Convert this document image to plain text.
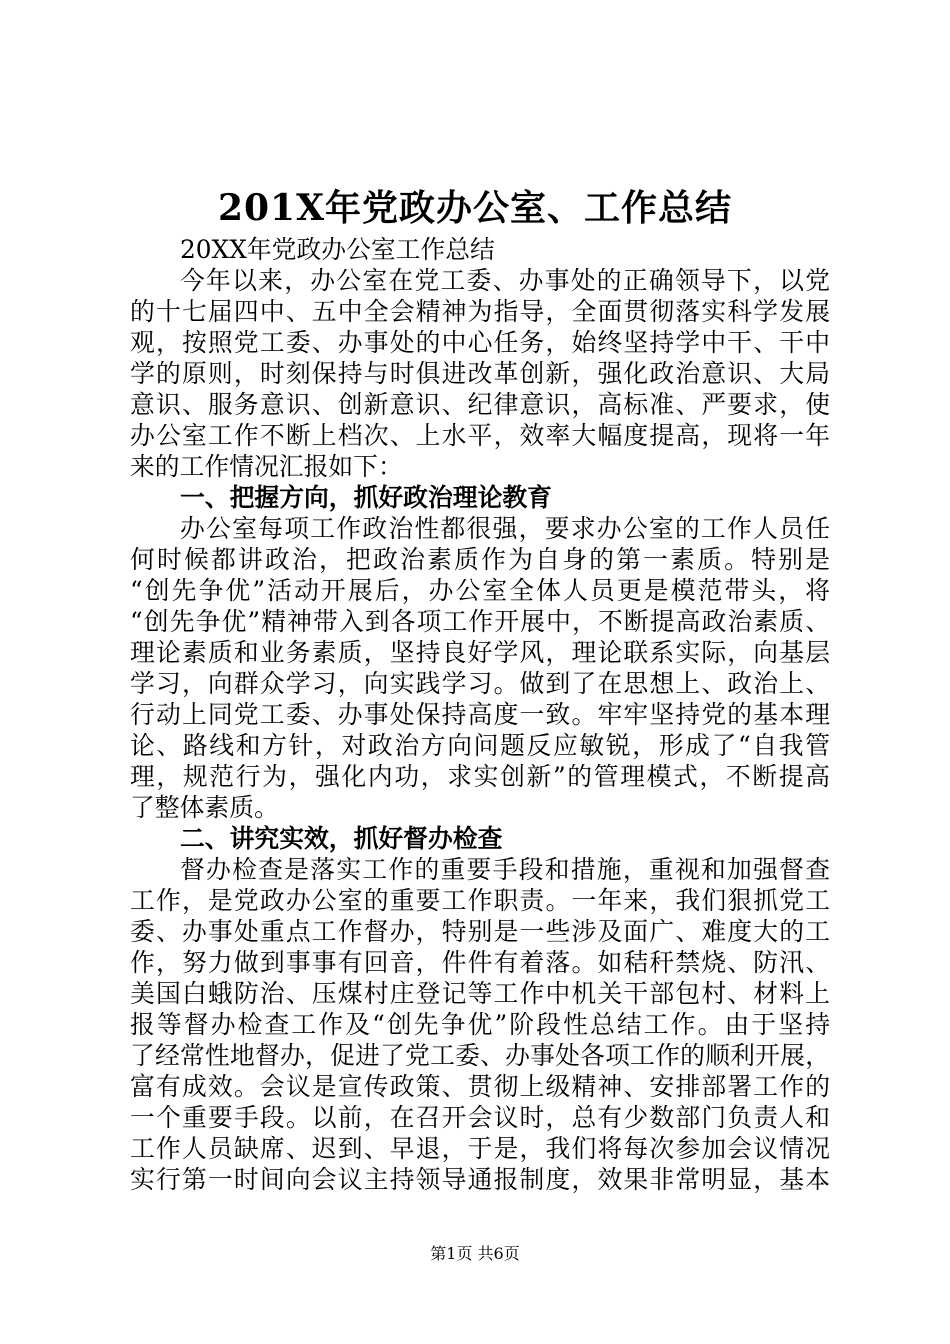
201X年党政办公室、工作总结
20XX年党政办公室工作总结
今年以来，办公室在党工委、办事处的正确领导下，以党
的十七届四中、五中全会精神为指导，全面贯彻落实科学发展
观，按照党工委、办事处的中心任务，始终坚持学中干、干中
学的原则，时刻保持与时俱进改革创新，强化政治意识、大局
意识、服务意识、创新意识、纪律意识，高标准、严要求，使
办公室工作不断上档次、上水平，效率大幅度提高，现将一年
来的工作情况汇报如下：
一、把握方向，抓好政治理论教育
办公室每项工作政治性都很强，要求办公室的工作人员任
何时候都讲政治，把政治素质作为自身的第一素质。特别是
“创先争优”活动开展后，办公室全体人员更是模范带头，将
“创先争优”精神带入到各项工作开展中，不断提高政治素质、
理论素质和业务素质，坚持良好学风，理论联系实际，向基层
学习，向群众学习，向实践学习。做到了在思想上、政治上、
行动上同党工委、办事处保持高度一致。牢牢坚持党的基本理
论、路线和方针，对政治方向问题反应敏锐，形成了“自我管
理，规范行为，强化内功，求实创新”的管理模式，不断提高
了整体素质。
二、讲究实效，抓好督办检查
督办检查是落实工作的重要手段和措施，重视和加强督查
工作，是党政办公室的重要工作职责。一年来，我们狠抓党工
委、办事处重点工作督办，特别是一些涉及面广、难度大的工
作，努力做到事事有回音，件件有着落。如秸秆禁烧、防汛、
美国白蛾防治、压煤村庄登记等工作中机关干部包村、材料上
报等督办检查工作及“创先争优”阶段性总结工作。由于坚持
了经常性地督办，促进了党工委、办事处各项工作的顺利开展，
富有成效。会议是宣传政策、贯彻上级精神、安排部署工作的
一个重要手段。以前，在召开会议时，总有少数部门负责人和
工作人员缺席、迟到、早退，于是，我们将每次参加会议情况
实行第一时间向会议主持领导通报制度，效果非常明显，基本
第1页 共6页
